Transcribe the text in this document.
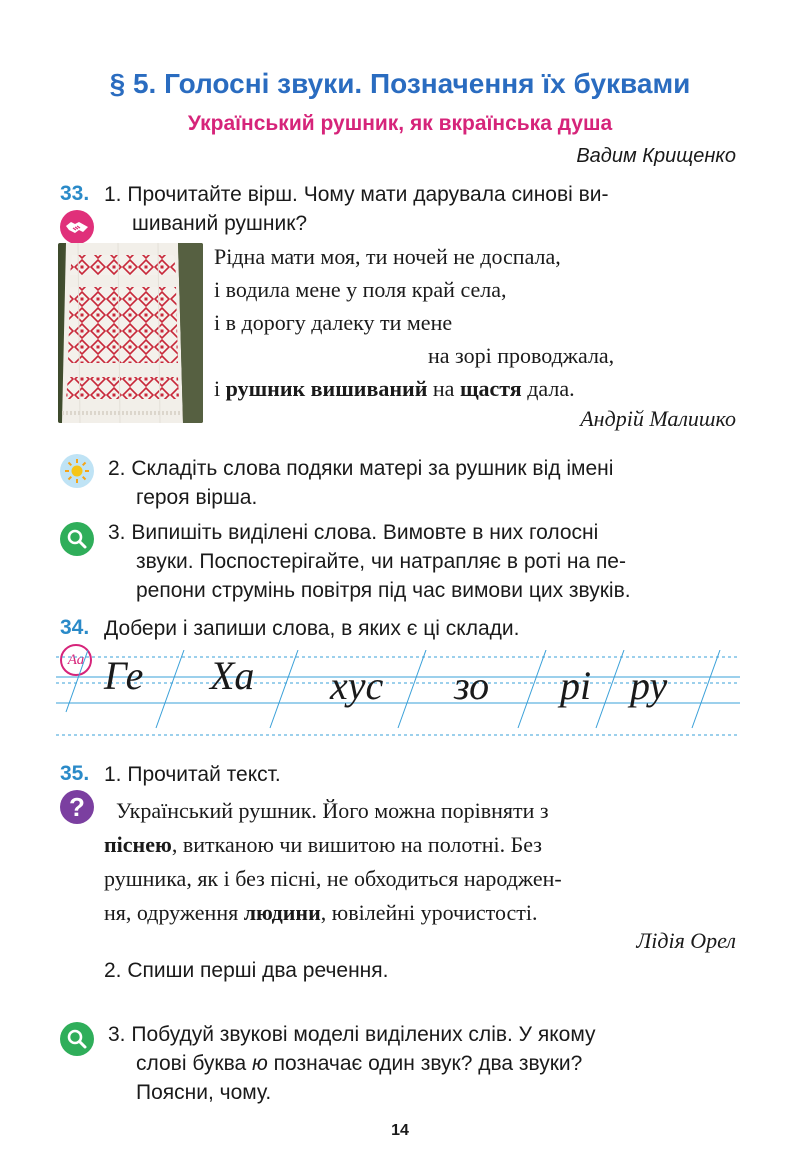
§ 5. Голосні звуки. Позначення їх буквами
Український рушник, як вкраїнська душа
Вадим Крищенко
33. 1. Прочитайте вірш. Чому мати дарувала синові ви-
шиваний рушник?
Рідна мати моя, ти ночей не доспала,
і водила мене у поля край села,
і в дорогу далеку ти мене
на зорі проводжала,
і рушник вишиваний на щастя дала.
Андрій Малишко
2. Складіть слова подяки матері за рушник від імені
героя вірша.
3. Випишіть виділені слова. Вимовте в них голосні
звуки. Поспостерігайте, чи натрапляє в роті на пе-
репони струмінь повітря під час вимови цих звуків.
34. Добери і запиши слова, в яких є ці склади.
Аа Ге Ха хус зо рі ру
35. 1. Прочитай текст.
?	Український рушник. Його можна порівняти з
піснею, витканою чи вишитою на полотні. Без
рушника, як і без пісні, не обходиться народжен-
ня, одруження людини, ювілейні урочистості.
Лідія Орел
2. Спиши перші два речення.
3. Побудуй звукові моделі виділених слів. У якому
слові буква ю позначає один звук? два звуки?
Поясни, чому.
14
